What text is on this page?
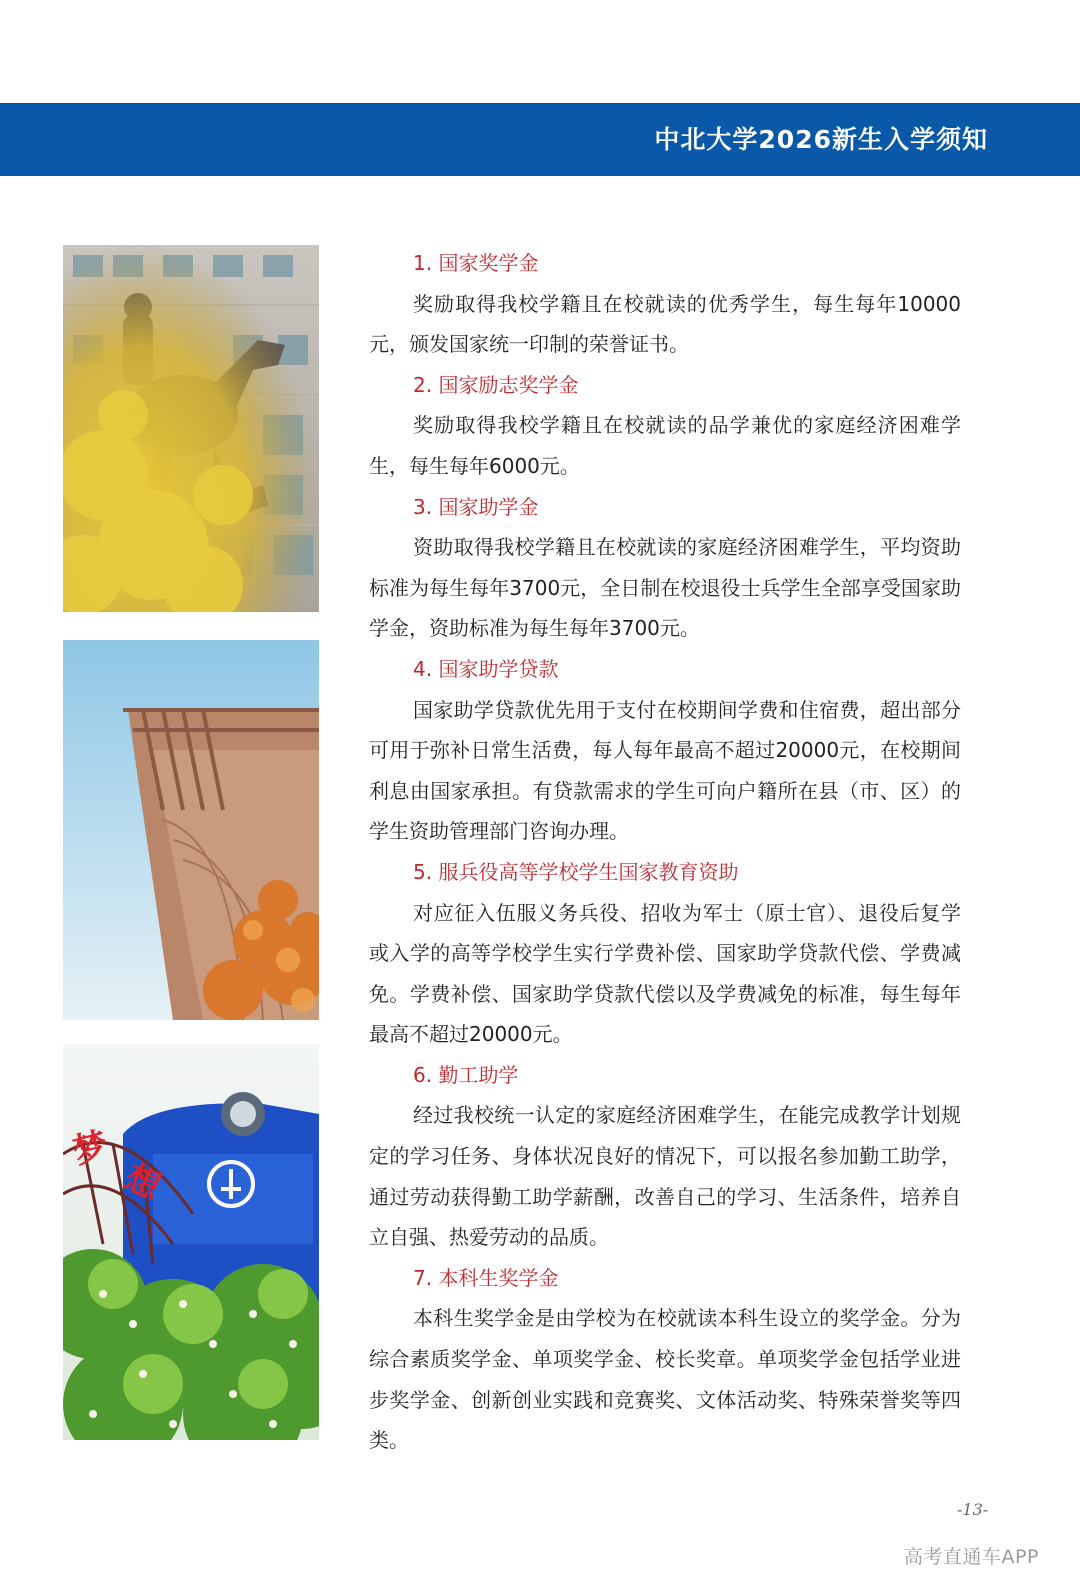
中北大学2026新生入学须知
梦
想
1. 国家奖学金

奖励取得我校学籍且在校就读的优秀学生，每生每年10000元，颁发国家统一印制的荣誉证书。

2. 国家励志奖学金

奖励取得我校学籍且在校就读的品学兼优的家庭经济困难学生，每生每年6000元。

3. 国家助学金

资助取得我校学籍且在校就读的家庭经济困难学生，平均资助标准为每生每年3700元，全日制在校退役士兵学生全部享受国家助学金，资助标准为每生每年3700元。

4. 国家助学贷款

国家助学贷款优先用于支付在校期间学费和住宿费，超出部分可用于弥补日常生活费，每人每年最高不超过20000元，在校期间利息由国家承担。有贷款需求的学生可向户籍所在县（市、区）的学生资助管理部门咨询办理。

5. 服兵役高等学校学生国家教育资助

对应征入伍服义务兵役、招收为军士（原士官）、退役后复学或入学的高等学校学生实行学费补偿、国家助学贷款代偿、学费减免。学费补偿、国家助学贷款代偿以及学费减免的标准，每生每年最高不超过20000元。

6. 勤工助学

经过我校统一认定的家庭经济困难学生，在能完成教学计划规定的学习任务、身体状况良好的情况下，可以报名参加勤工助学，通过劳动获得勤工助学薪酬，改善自己的学习、生活条件，培养自立自强、热爱劳动的品质。

7. 本科生奖学金

本科生奖学金是由学校为在校就读本科生设立的奖学金。分为综合素质奖学金、单项奖学金、校长奖章。单项奖学金包括学业进步奖学金、创新创业实践和竞赛奖、文体活动奖、特殊荣誉奖等四类。

-13-
高考直通车APP
